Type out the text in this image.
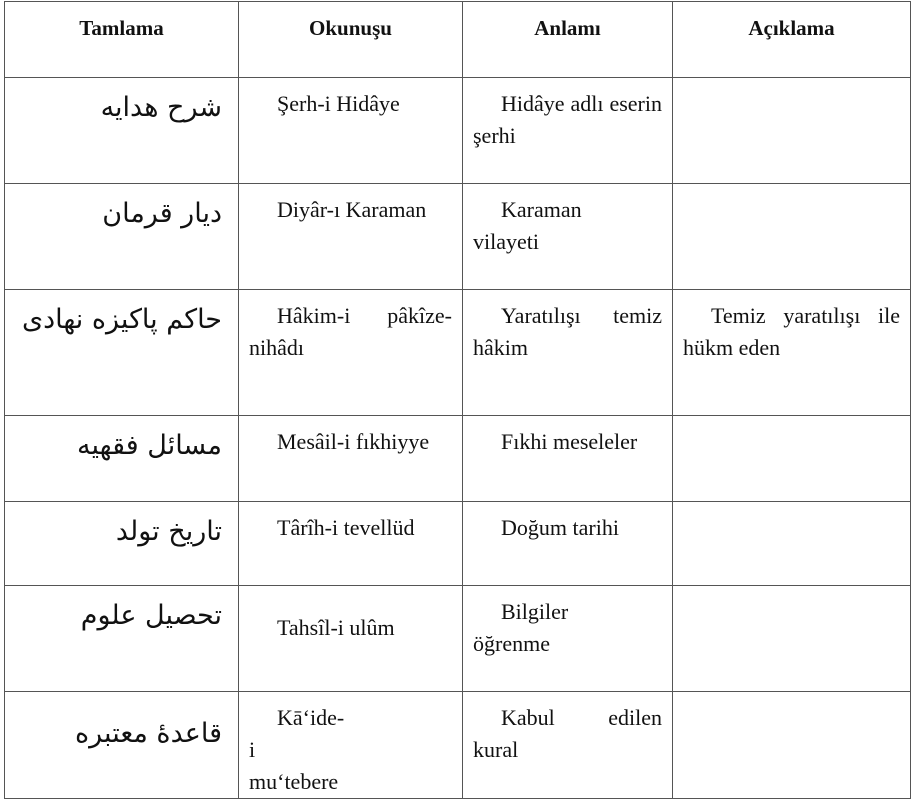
Tamlama	Okunuşu	Anlamı	Açıklama
شرح هدايه	Şerh-i Hidâye	Hidâye adlı eserin şerhi	

ديار قرمان	Diyâr-ı Karaman	Karaman vilayeti	

حاكم پاكيزه نهادى	Hâkim-i pâkîze-nihâdı	Yaratılışı temiz hâkim	Temiz yaratılışı ile hükm eden

مسائل فقهيه	Mesâil-i fıkhiyye	Fıkhi meseleler	

تاريخ تولد	Târîh-i tevellüd	Doğum tarihi	

تحصيل علوم	Tahsîl-i ulûm	Bilgiler öğrenme	

قاعدهٔ معتبره	Kā‘ide-i mu‘tebere	Kabul edilen kural	
